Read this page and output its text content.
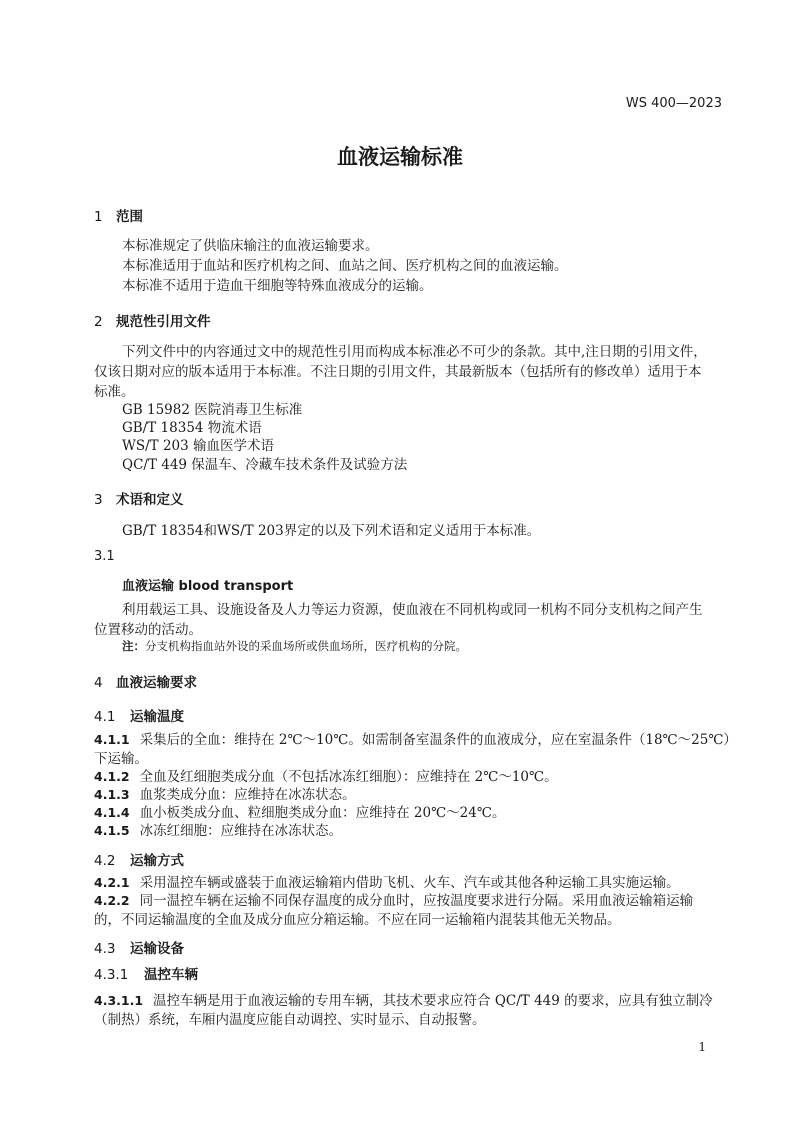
WS 400—2023
血液运输标准
1 范围
本标准规定了供临床输注的血液运输要求。
本标准适用于血站和医疗机构之间、血站之间、医疗机构之间的血液运输。
本标准不适用于造血干细胞等特殊血液成分的运输。
2 规范性引用文件
下列文件中的内容通过文中的规范性引用而构成本标准必不可少的条款。其中,注日期的引用文件，
仅该日期对应的版本适用于本标准。不注日期的引用文件，其最新版本（包括所有的修改单）适用于本
标准。
GB 15982 医院消毒卫生标准
GB/T 18354 物流术语
WS/T 203 输血医学术语
QC/T 449 保温车、冷藏车技术条件及试验方法
3 术语和定义
GB/T 18354和WS/T 203界定的以及下列术语和定义适用于本标准。
3.1
血液运输 blood transport
利用载运工具、设施设备及人力等运力资源，使血液在不同机构或同一机构不同分支机构之间产生
位置移动的活动。
注：分支机构指血站外设的采血场所或供血场所，医疗机构的分院。
4 血液运输要求
4.1 运输温度
4.1.1 采集后的全血：维持在 2℃～10℃。如需制备室温条件的血液成分，应在室温条件（18℃～25℃）
下运输。
4.1.2 全血及红细胞类成分血（不包括冰冻红细胞）：应维持在 2℃～10℃。
4.1.3 血浆类成分血：应维持在冰冻状态。
4.1.4 血小板类成分血、粒细胞类成分血：应维持在 20℃～24℃。
4.1.5 冰冻红细胞：应维持在冰冻状态。
4.2 运输方式
4.2.1 采用温控车辆或盛装于血液运输箱内借助飞机、火车、汽车或其他各种运输工具实施运输。
4.2.2 同一温控车辆在运输不同保存温度的成分血时，应按温度要求进行分隔。采用血液运输箱运输
的，不同运输温度的全血及成分血应分箱运输。不应在同一运输箱内混装其他无关物品。
4.3 运输设备
4.3.1 温控车辆
4.3.1.1 温控车辆是用于血液运输的专用车辆，其技术要求应符合 QC/T 449 的要求，应具有独立制冷
（制热）系统，车厢内温度应能自动调控、实时显示、自动报警。
1
